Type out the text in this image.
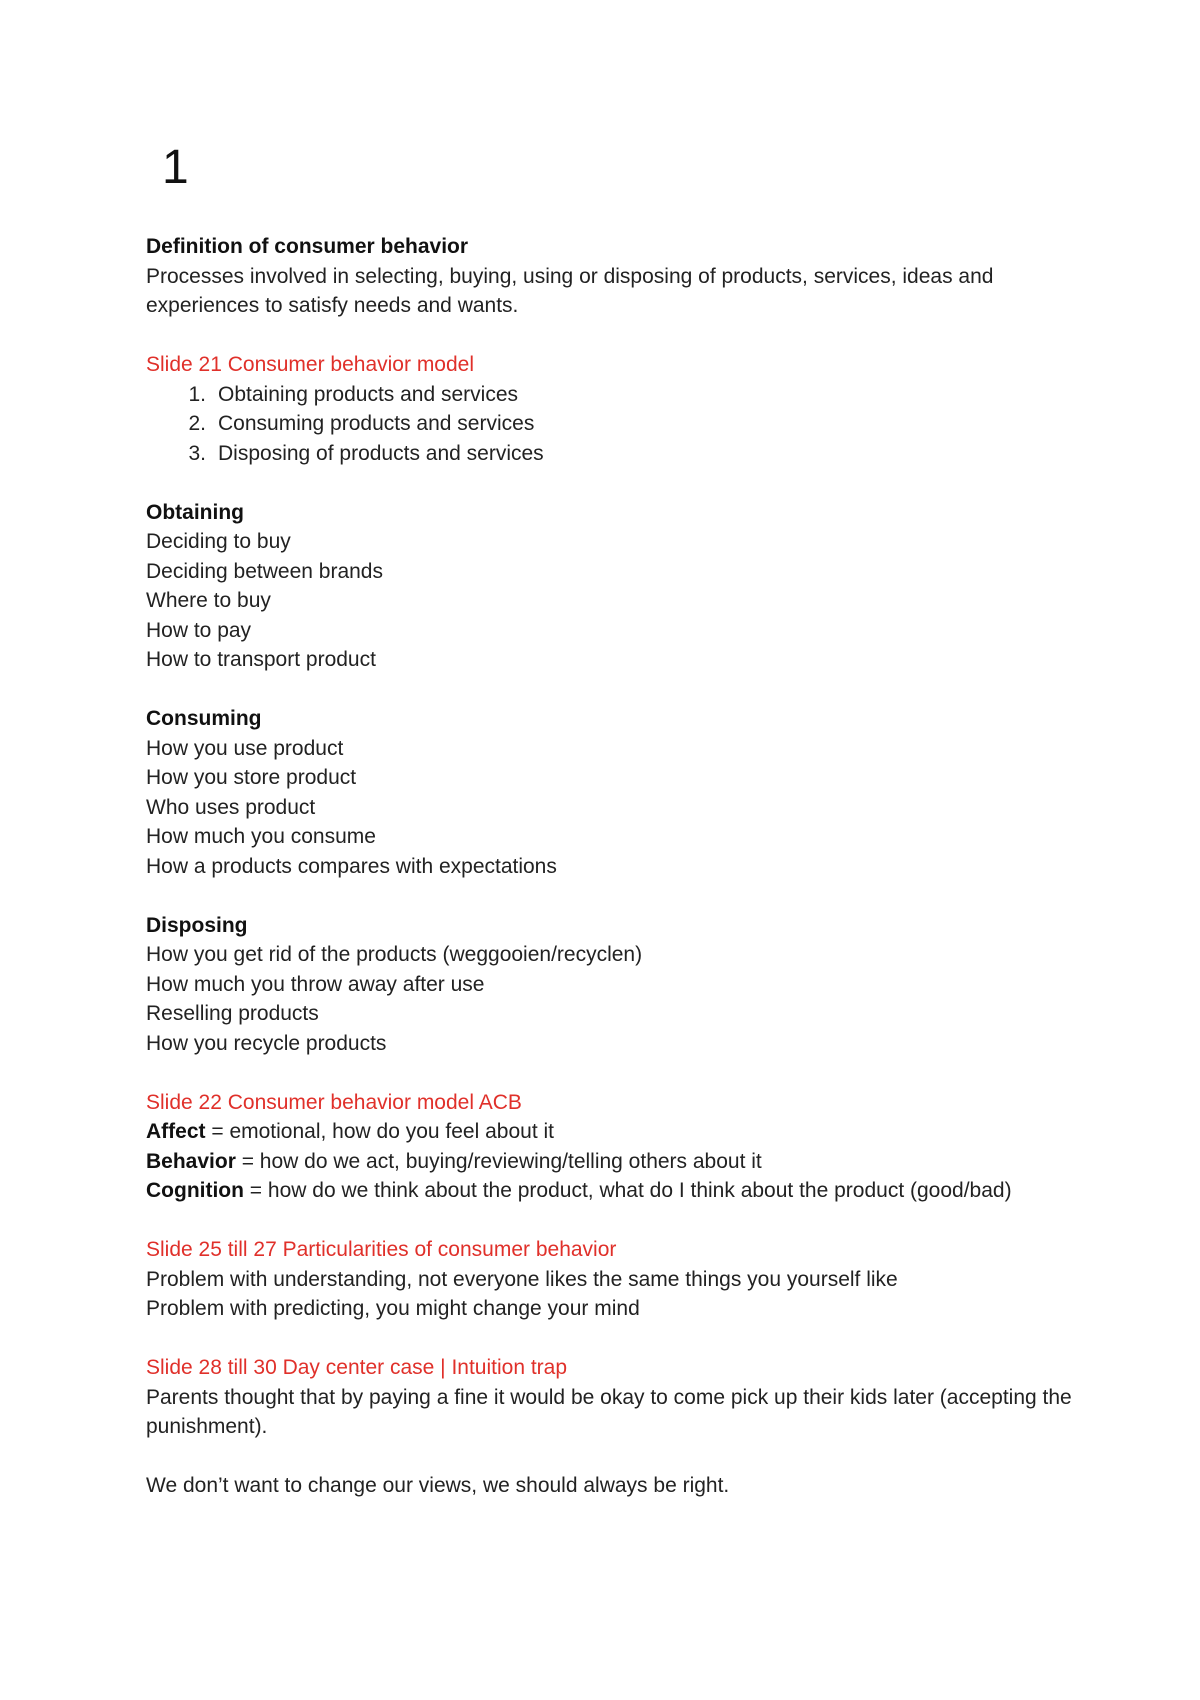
1
Definition of consumer behavior
Processes involved in selecting, buying, using or disposing of products, services, ideas and experiences to satisfy needs and wants.
Slide 21 Consumer behavior model
1. Obtaining products and services
2. Consuming products and services
3. Disposing of products and services
Obtaining
Deciding to buy
Deciding between brands
Where to buy
How to pay
How to transport product
Consuming
How you use product
How you store product
Who uses product
How much you consume
How a products compares with expectations
Disposing
How you get rid of the products (weggooien/recyclen)
How much you throw away after use
Reselling products
How you recycle products
Slide 22 Consumer behavior model ACB
Affect = emotional, how do you feel about it
Behavior = how do we act, buying/reviewing/telling others about it
Cognition = how do we think about the product, what do I think about the product (good/bad)
Slide 25 till 27 Particularities of consumer behavior
Problem with understanding, not everyone likes the same things you yourself like
Problem with predicting, you might change your mind
Slide 28 till 30 Day center case | Intuition trap
Parents thought that by paying a fine it would be okay to come pick up their kids later (accepting the punishment).
We don’t want to change our views, we should always be right.
